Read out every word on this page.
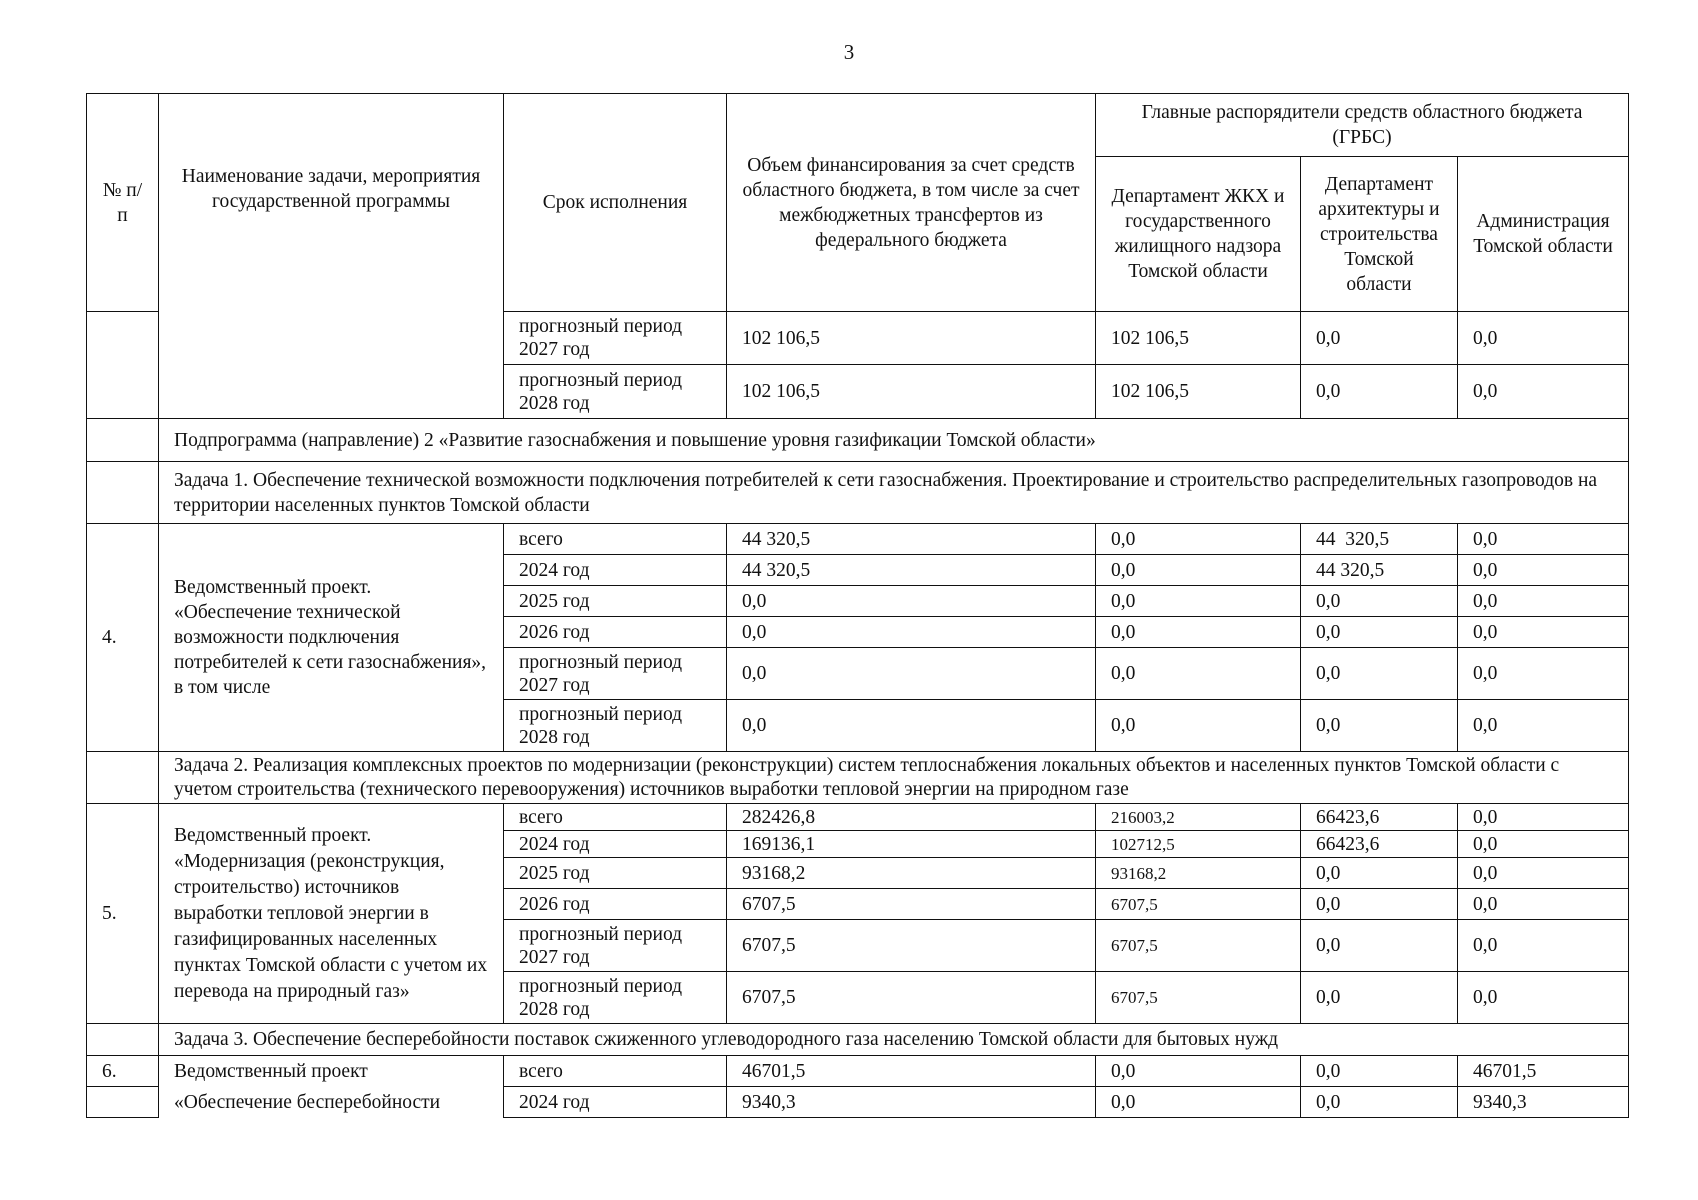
3
№ п/п	Наименование задачи, мероприятия государственной программы	Срок исполнения	Объем финансирования за счет средств областного бюджета, в том числе за счет межбюджетных трансфертов из федерального бюджета	Главные распорядители средств областного бюджета (ГРБС)		
				Департамент ЖКХ и государственного жилищного надзора Томской области	Департамент архитектуры и строительства Томской области	Администрация Томской области
		прогнозный период 2027 год	102 106,5	102 106,5	0,0	0,0
		прогнозный период 2028 год	102 106,5	102 106,5	0,0	0,0
	Подпрограмма (направление) 2 «Развитие газоснабжения и повышение уровня газификации Томской области»					
	Задача 1. Обеспечение технической возможности подключения потребителей к сети газоснабжения. Проектирование и строительство распределительных газопроводов на территории населенных пунктов Томской области					
4.	Ведомственный проект. «Обеспечение технической возможности подключения потребителей к сети газоснабжения», в том числе	всего	44 320,5	0,0	44  320,5	0,0
		2024 год	44 320,5	0,0	44 320,5	0,0
		2025 год	0,0	0,0	0,0	0,0
		2026 год	0,0	0,0	0,0	0,0
		прогнозный период 2027 год	0,0	0,0	0,0	0,0
		прогнозный период 2028 год	0,0	0,0	0,0	0,0
	Задача 2. Реализация комплексных проектов по модернизации (реконструкции) систем теплоснабжения локальных объектов и населенных пунктов Томской области с учетом строительства (технического перевооружения) источников выработки тепловой энергии на природном газе					
5.	Ведомственный проект. «Модернизация (реконструкция, строительство) источников выработки тепловой энергии в газифицированных населенных пунктах Томской области с учетом их перевода на природный газ»	всего	282426,8	216003,2	66423,6	0,0
		2024 год	169136,1	102712,5	66423,6	0,0
		2025 год	93168,2	93168,2	0,0	0,0
		2026 год	6707,5	6707,5	0,0	0,0
		прогнозный период 2027 год	6707,5	6707,5	0,0	0,0
		прогнозный период 2028 год	6707,5	6707,5	0,0	0,0
	Задача 3. Обеспечение бесперебойности поставок сжиженного углеводородного газа населению Томской области для бытовых нужд					
6.	Ведомственный проект	всего	46701,5	0,0	0,0	46701,5
	«Обеспечение бесперебойности	2024 год	9340,3	0,0	0,0	9340,3
